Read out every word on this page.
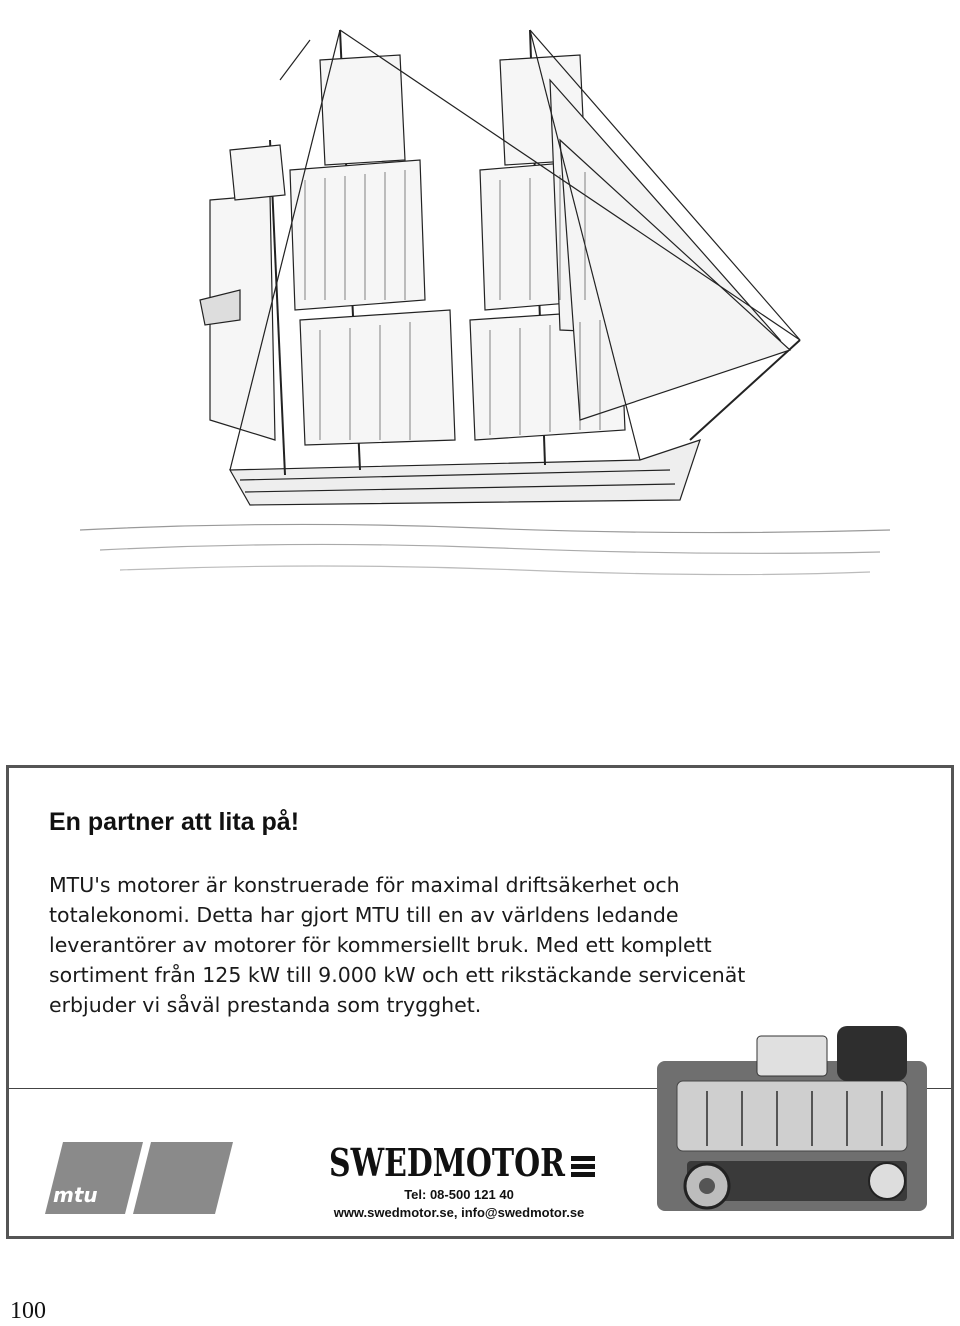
En partner att lita på!

MTU's motorer är konstruerade för maximal driftsäkerhet och
totalekonomi. Detta har gjort MTU till en av världens ledande
leverantörer av motorer för kommersiellt bruk. Med ett komplett
sortiment från 125 kW till 9.000 kW och ett rikstäckande servicenät
erbjuder vi såväl prestanda som trygghet.

mtu
SWEDMOTOR
Tel: 08-500 121 40
www.swedmotor.se, info@swedmotor.se
100
